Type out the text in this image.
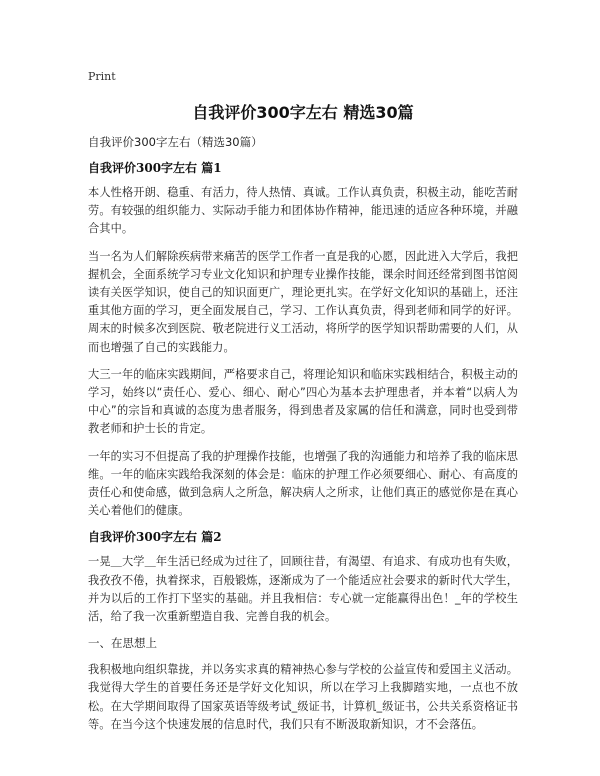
Print
自我评价300字左右 精选30篇
自我评价300字左右（精选30篇）
自我评价300字左右 篇1

本人性格开朗、稳重、有活力，待人热情、真诚。工作认真负责，积极主动，能吃苦耐劳。有较强的组织能力、实际动手能力和团体协作精神，能迅速的适应各种环境，并融合其中。

当一名为人们解除疾病带来痛苦的医学工作者一直是我的心愿，因此进入大学后，我把握机会，全面系统学习专业文化知识和护理专业操作技能，课余时间还经常到图书馆阅读有关医学知识，使自己的知识面更广，理论更扎实。在学好文化知识的基础上，还注重其他方面的学习，更全面发展自己，学习、工作认真负责，得到老师和同学的好评。周末的时候多次到医院、敬老院进行义工活动，将所学的医学知识帮助需要的人们，从而也增强了自己的实践能力。

大三一年的临床实践期间，严格要求自己，将理论知识和临床实践相结合，积极主动的学习，始终以“责任心、爱心、细心、耐心”四心为基本去护理患者，并本着“以病人为中心”的宗旨和真诚的态度为患者服务，得到患者及家属的信任和满意，同时也受到带教老师和护士长的肯定。

一年的实习不但提高了我的护理操作技能，也增强了我的沟通能力和培养了我的临床思维。一年的临床实践给我深刻的体会是：临床的护理工作必须要细心、耐心、有高度的责任心和使命感，做到急病人之所急，解决病人之所求，让他们真正的感觉你是在真心关心着他们的健康。

自我评价300字左右 篇2

一晃＿大学＿年生活已经成为过往了，回顾往昔，有渴望、有追求、有成功也有失败，我孜孜不倦，执着探求，百般锻炼，逐渐成为了一个能适应社会要求的新时代大学生，并为以后的工作打下坚实的基础。并且我相信：专心就一定能赢得出色！_年的学校生活，给了我一次重新塑造自我、完善自我的机会。

一、在思想上

我积极地向组织靠拢，并以务实求真的精神热心参与学校的公益宣传和爱国主义活动。我觉得大学生的首要任务还是学好文化知识，所以在学习上我脚踏实地，一点也不放松。在大学期间取得了国家英语等级考试_级证书，计算机_级证书，公共关系资格证书等。在当今这个快速发展的信息时代，我们只有不断汲取新知识，才不会落伍。
